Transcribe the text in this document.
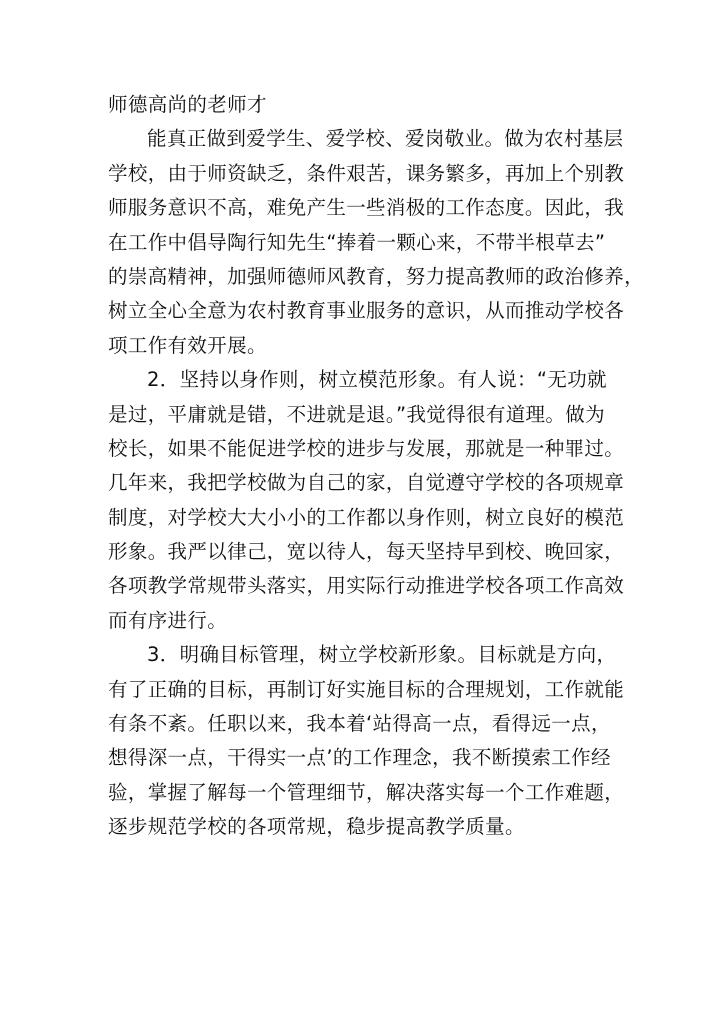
师德高尚的老师才
能真正做到爱学生、爱学校、爱岗敬业。做为农村基层
学校，由于师资缺乏，条件艰苦，课务繁多，再加上个别教
师服务意识不高，难免产生一些消极的工作态度。因此，我
在工作中倡导陶行知先生“捧着一颗心来，不带半根草去”
的崇高精神，加强师德师风教育，努力提高教师的政治修养，
树立全心全意为农村教育事业服务的意识，从而推动学校各
项工作有效开展。
2．坚持以身作则，树立模范形象。有人说：“无功就
是过，平庸就是错，不进就是退。”我觉得很有道理。做为
校长，如果不能促进学校的进步与发展，那就是一种罪过。
几年来，我把学校做为自己的家，自觉遵守学校的各项规章
制度，对学校大大小小的工作都以身作则，树立良好的模范
形象。我严以律己，宽以待人，每天坚持早到校、晚回家，
各项教学常规带头落实，用实际行动推进学校各项工作高效
而有序进行。
3．明确目标管理，树立学校新形象。目标就是方向，
有了正确的目标，再制订好实施目标的合理规划，工作就能
有条不紊。任职以来，我本着‘站得高一点，看得远一点，
想得深一点，干得实一点’的工作理念，我不断摸索工作经
验，掌握了解每一个管理细节，解决落实每一个工作难题，
逐步规范学校的各项常规，稳步提高教学质量。
